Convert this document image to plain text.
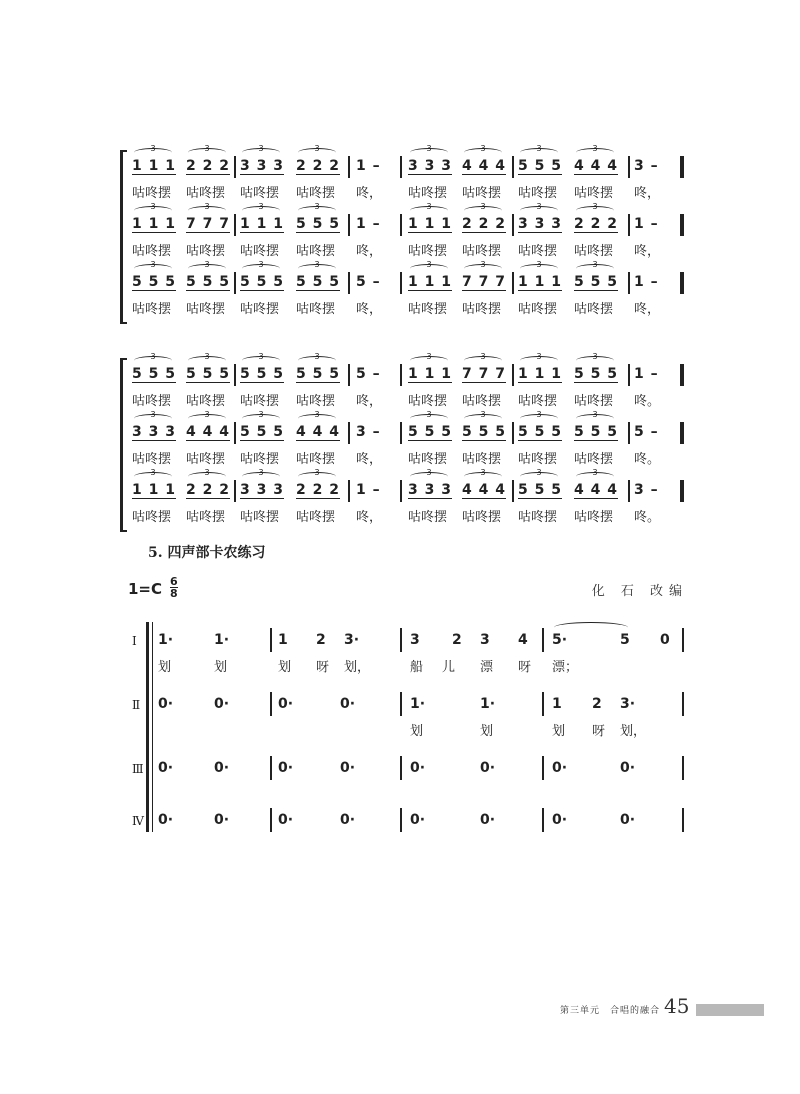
1 1 1
3
2 2 2
3
3 3 3
3
2 2 2
3
1 – 3 3 3
3
4 4 4
3
5 5 5
3
4 4 4
3
3 –
咕咚摆 咕咚摆 咕咚摆 咕咚摆 咚， 咕咚摆 咕咚摆 咕咚摆 咕咚摆 咚，
1 1 1
3
7 7 7
3
1 1 1
3
5 5 5
3
1 – 1 1 1
3
2 2 2
3
3 3 3
3
2 2 2
3
1 –
咕咚摆 咕咚摆 咕咚摆 咕咚摆 咚， 咕咚摆 咕咚摆 咕咚摆 咕咚摆 咚，
5 5 5
3
5 5 5
3
5 5 5
3
5 5 5
3
5 – 1 1 1
3
7 7 7
3
1 1 1
3
5 5 5
3
1 –
咕咚摆 咕咚摆 咕咚摆 咕咚摆 咚， 咕咚摆 咕咚摆 咕咚摆 咕咚摆 咚，
5 5 5
3
5 5 5
3
5 5 5
3
5 5 5
3
5 – 1 1 1
3
7 7 7
3
1 1 1
3
5 5 5
3
1 –
咕咚摆 咕咚摆 咕咚摆 咕咚摆 咚， 咕咚摆 咕咚摆 咕咚摆 咕咚摆 咚。
3 3 3
3
4 4 4
3
5 5 5
3
4 4 4
3
3 – 5 5 5
3
5 5 5
3
5 5 5
3
5 5 5
3
5 –
咕咚摆 咕咚摆 咕咚摆 咕咚摆 咚， 咕咚摆 咕咚摆 咕咚摆 咕咚摆 咚。
1 1 1
3
2 2 2
3
3 3 3
3
2 2 2
3
1 – 3 3 3
3
4 4 4
3
5 5 5
3
4 4 4
3
3 –
咕咚摆 咕咚摆 咕咚摆 咕咚摆 咚， 咕咚摆 咕咚摆 咕咚摆 咕咚摆 咚。
5. 四声部卡农练习
1=C 6
8	化 石 改编
Ⅰ 1·	1·	1 2 3·	3 2 3 4 5·	5 0
划	划	划 呀 划，	船 儿 漂 呀 漂；
Ⅱ 0·	0·	0·	0·	1·	1·	1 2 3·
划	划	划 呀 划，
Ⅲ 0·	0·	0·	0·	0·	0·	0·	0·
Ⅳ 0·	0·	0·	0·	0·	0·	0·	0·
第三单元　合唱的融合 45
